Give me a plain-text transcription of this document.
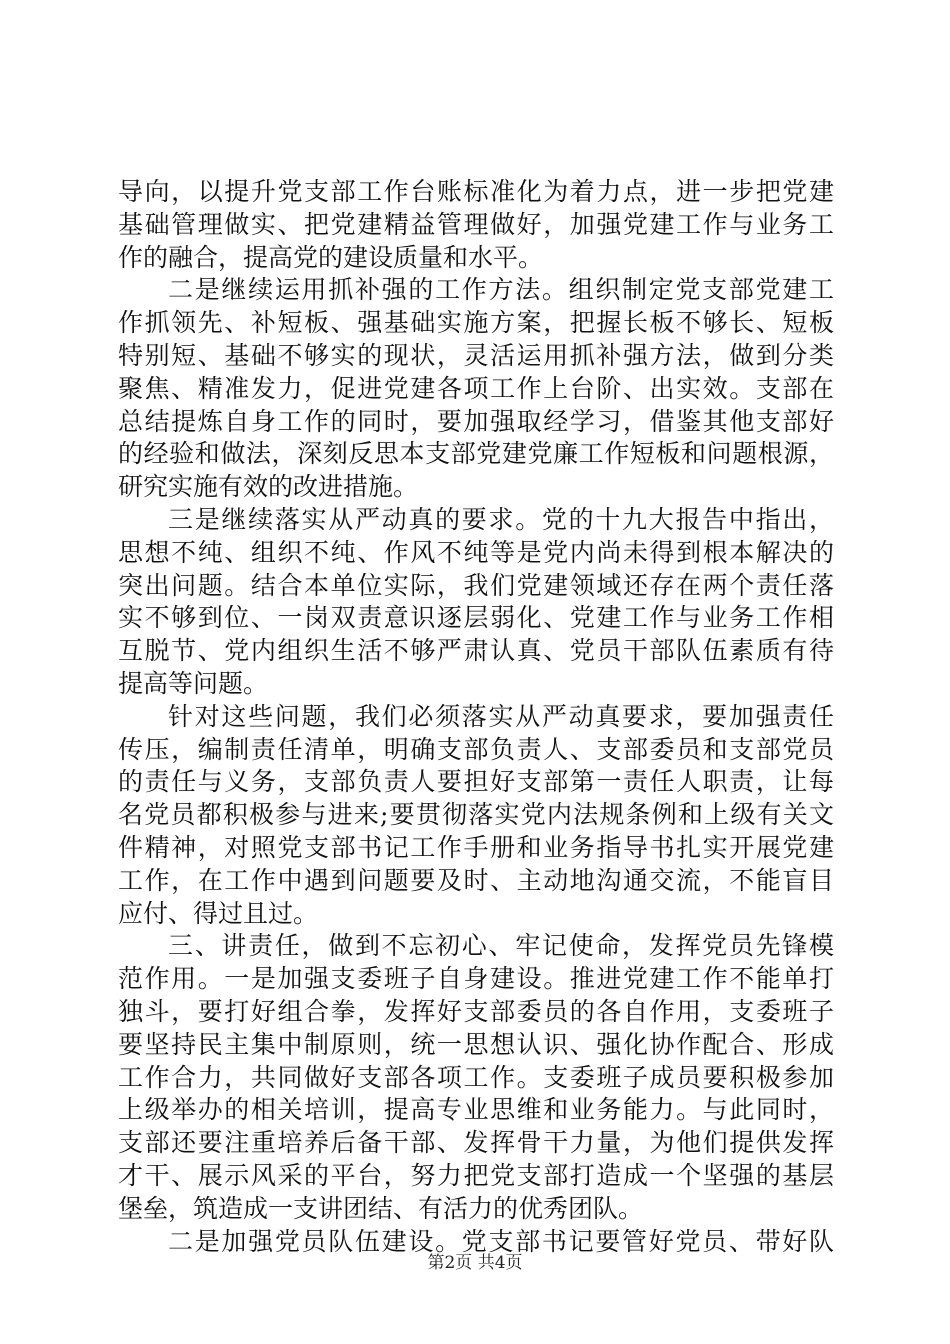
导向，以提升党支部工作台账标准化为着力点，进一步把党建
基础管理做实、把党建精益管理做好，加强党建工作与业务工
作的融合，提高党的建设质量和水平。
二是继续运用抓补强的工作方法。组织制定党支部党建工
作抓领先、补短板、强基础实施方案，把握长板不够长、短板
特别短、基础不够实的现状，灵活运用抓补强方法，做到分类
聚焦、精准发力，促进党建各项工作上台阶、出实效。支部在
总结提炼自身工作的同时，要加强取经学习，借鉴其他支部好
的经验和做法，深刻反思本支部党建党廉工作短板和问题根源，
研究实施有效的改进措施。
三是继续落实从严动真的要求。党的十九大报告中指出，
思想不纯、组织不纯、作风不纯等是党内尚未得到根本解决的
突出问题。结合本单位实际，我们党建领域还存在两个责任落
实不够到位、一岗双责意识逐层弱化、党建工作与业务工作相
互脱节、党内组织生活不够严肃认真、党员干部队伍素质有待
提高等问题。
针对这些问题，我们必须落实从严动真要求，要加强责任
传压，编制责任清单，明确支部负责人、支部委员和支部党员
的责任与义务，支部负责人要担好支部第一责任人职责，让每
名党员都积极参与进来;要贯彻落实党内法规条例和上级有关文
件精神，对照党支部书记工作手册和业务指导书扎实开展党建
工作，在工作中遇到问题要及时、主动地沟通交流，不能盲目
应付、得过且过。
三、讲责任，做到不忘初心、牢记使命，发挥党员先锋模
范作用。一是加强支委班子自身建设。推进党建工作不能单打
独斗，要打好组合拳，发挥好支部委员的各自作用，支委班子
要坚持民主集中制原则，统一思想认识、强化协作配合、形成
工作合力，共同做好支部各项工作。支委班子成员要积极参加
上级举办的相关培训，提高专业思维和业务能力。与此同时，
支部还要注重培养后备干部、发挥骨干力量，为他们提供发挥
才干、展示风采的平台，努力把党支部打造成一个坚强的基层
堡垒，筑造成一支讲团结、有活力的优秀团队。
二是加强党员队伍建设。党支部书记要管好党员、带好队
第2页 共4页
